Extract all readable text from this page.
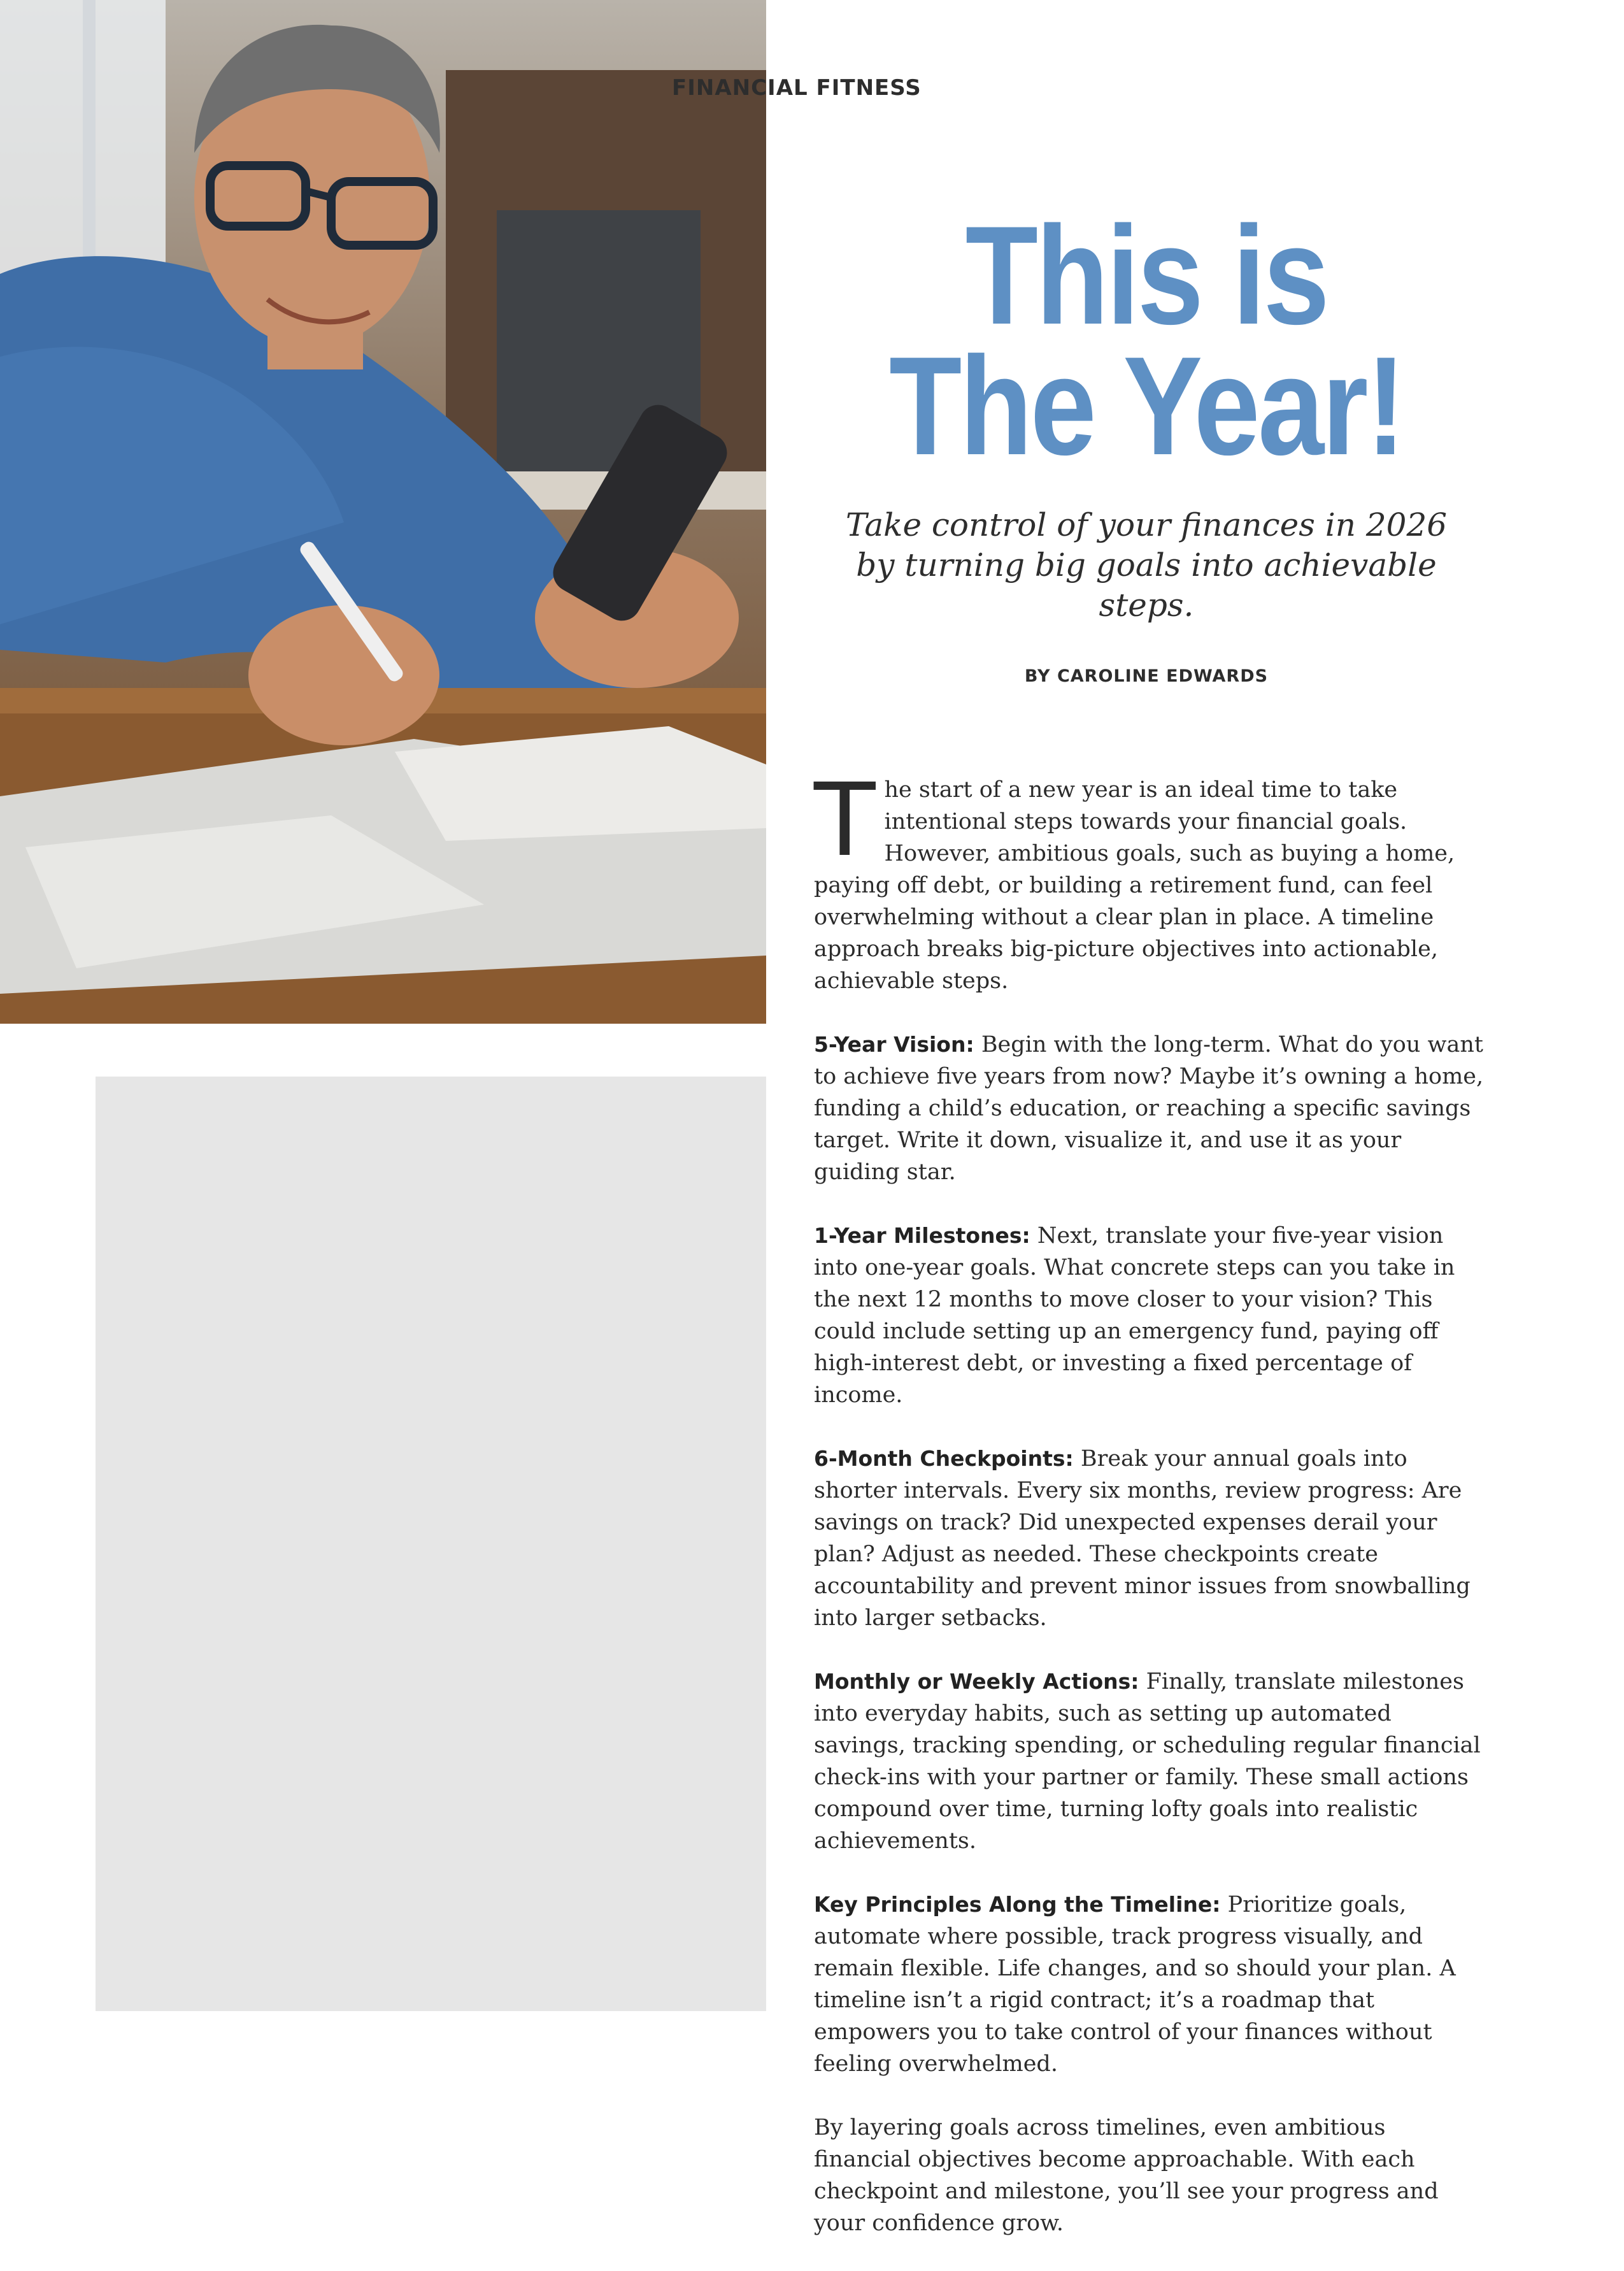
FINANCIAL FITNESS

This is
The Year!

Take control of your finances in 2026 by turning big goals into achievable steps.

BY CAROLINE EDWARDS

The start of a new year is an ideal time to take intentional steps towards your financial goals. However, ambitious goals, such as buying a home, paying off debt, or building a retirement fund, can feel overwhelming without a clear plan in place. A timeline approach breaks big-picture objectives into actionable, achievable steps.

5-Year Vision: Begin with the long-term. What do you want to achieve five years from now? Maybe it’s owning a home, funding a child’s education, or reaching a specific savings target. Write it down, visualize it, and use it as your guiding star.

1-Year Milestones: Next, translate your five-year vision into one-year goals. What concrete steps can you take in the next 12 months to move closer to your vision? This could include setting up an emergency fund, paying off high-interest debt, or investing a fixed percentage of income.

6-Month Checkpoints: Break your annual goals into shorter intervals. Every six months, review progress: Are savings on track? Did unexpected expenses derail your plan? Adjust as needed. These checkpoints create accountability and prevent minor issues from snowballing into larger setbacks.

Monthly or Weekly Actions: Finally, translate milestones into everyday habits, such as setting up automated savings, tracking spending, or scheduling regular financial check-ins with your partner or family. These small actions compound over time, turning lofty goals into realistic achievements.

Key Principles Along the Timeline: Prioritize goals, automate where possible, track progress visually, and remain flexible. Life changes, and so should your plan. A timeline isn’t a rigid contract; it’s a roadmap that empowers you to take control of your finances without feeling overwhelmed.

By layering goals across timelines, even ambitious financial objectives become approachable. With each checkpoint and milestone, you’ll see your progress and your confidence grow.
